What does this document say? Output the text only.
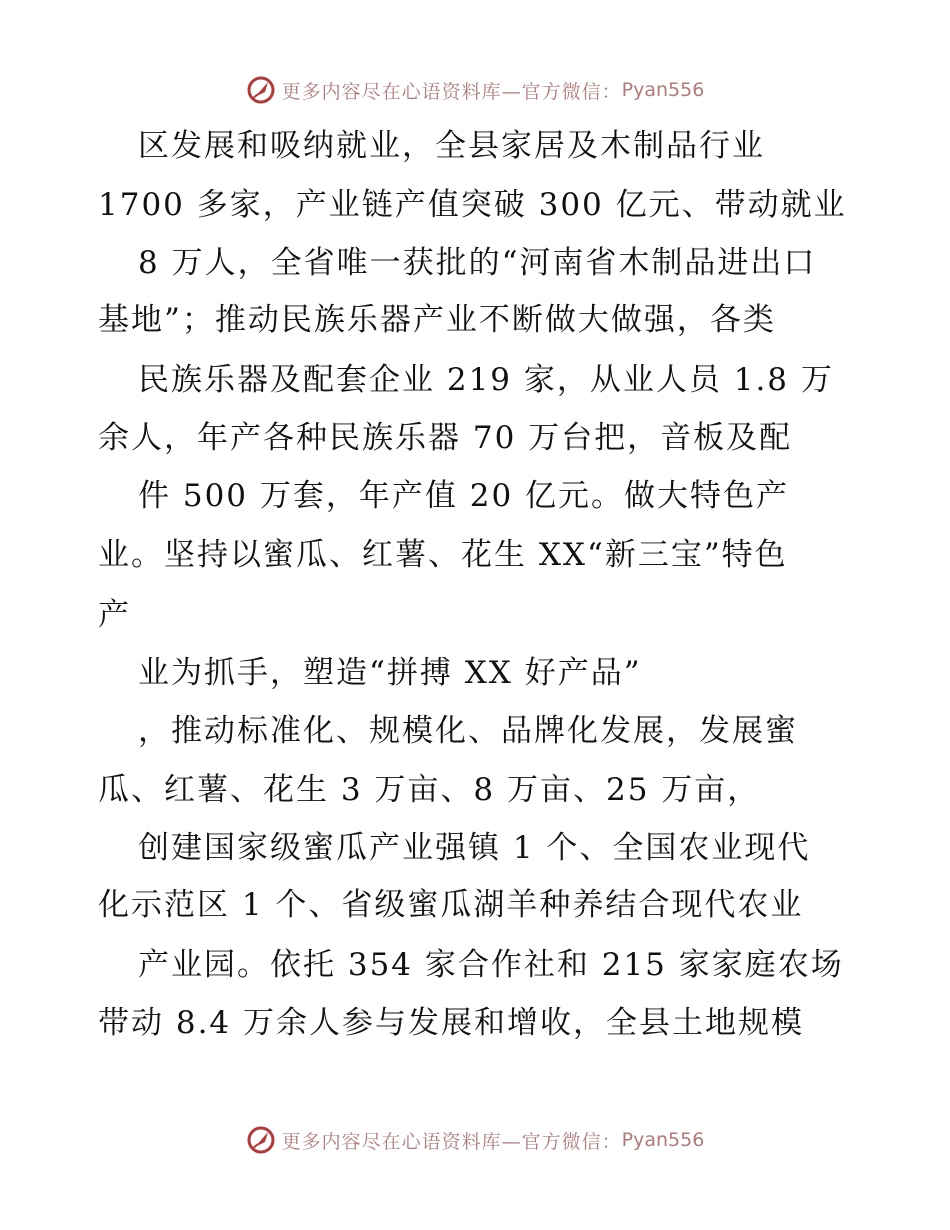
更多内容尽在心语资料库—官方微信： Pyan556
区发展和吸纳就业，全县家居及木制品行业
1700 多家，产业链产值突破 300 亿元、带动就业
8 万人，全省唯一获批的“河南省木制品进出口
基地”；推动民族乐器产业不断做大做强，各类
民族乐器及配套企业 219 家，从业人员 1.8 万
余人，年产各种民族乐器 70 万台把，音板及配
件 500 万套，年产值 20 亿元。做大特色产
业。坚持以蜜瓜、红薯、花生 XX“新三宝”特色
产
业为抓手，塑造“拼搏 XX 好产品”
，推动标准化、规模化、品牌化发展，发展蜜
瓜、红薯、花生 3 万亩、8 万亩、25 万亩，
创建国家级蜜瓜产业强镇 1 个、全国农业现代
化示范区 1 个、省级蜜瓜湖羊种养结合现代农业
产业园。依托 354 家合作社和 215 家家庭农场
带动 8.4 万余人参与发展和增收，全县土地规模
更多内容尽在心语资料库—官方微信： Pyan556
